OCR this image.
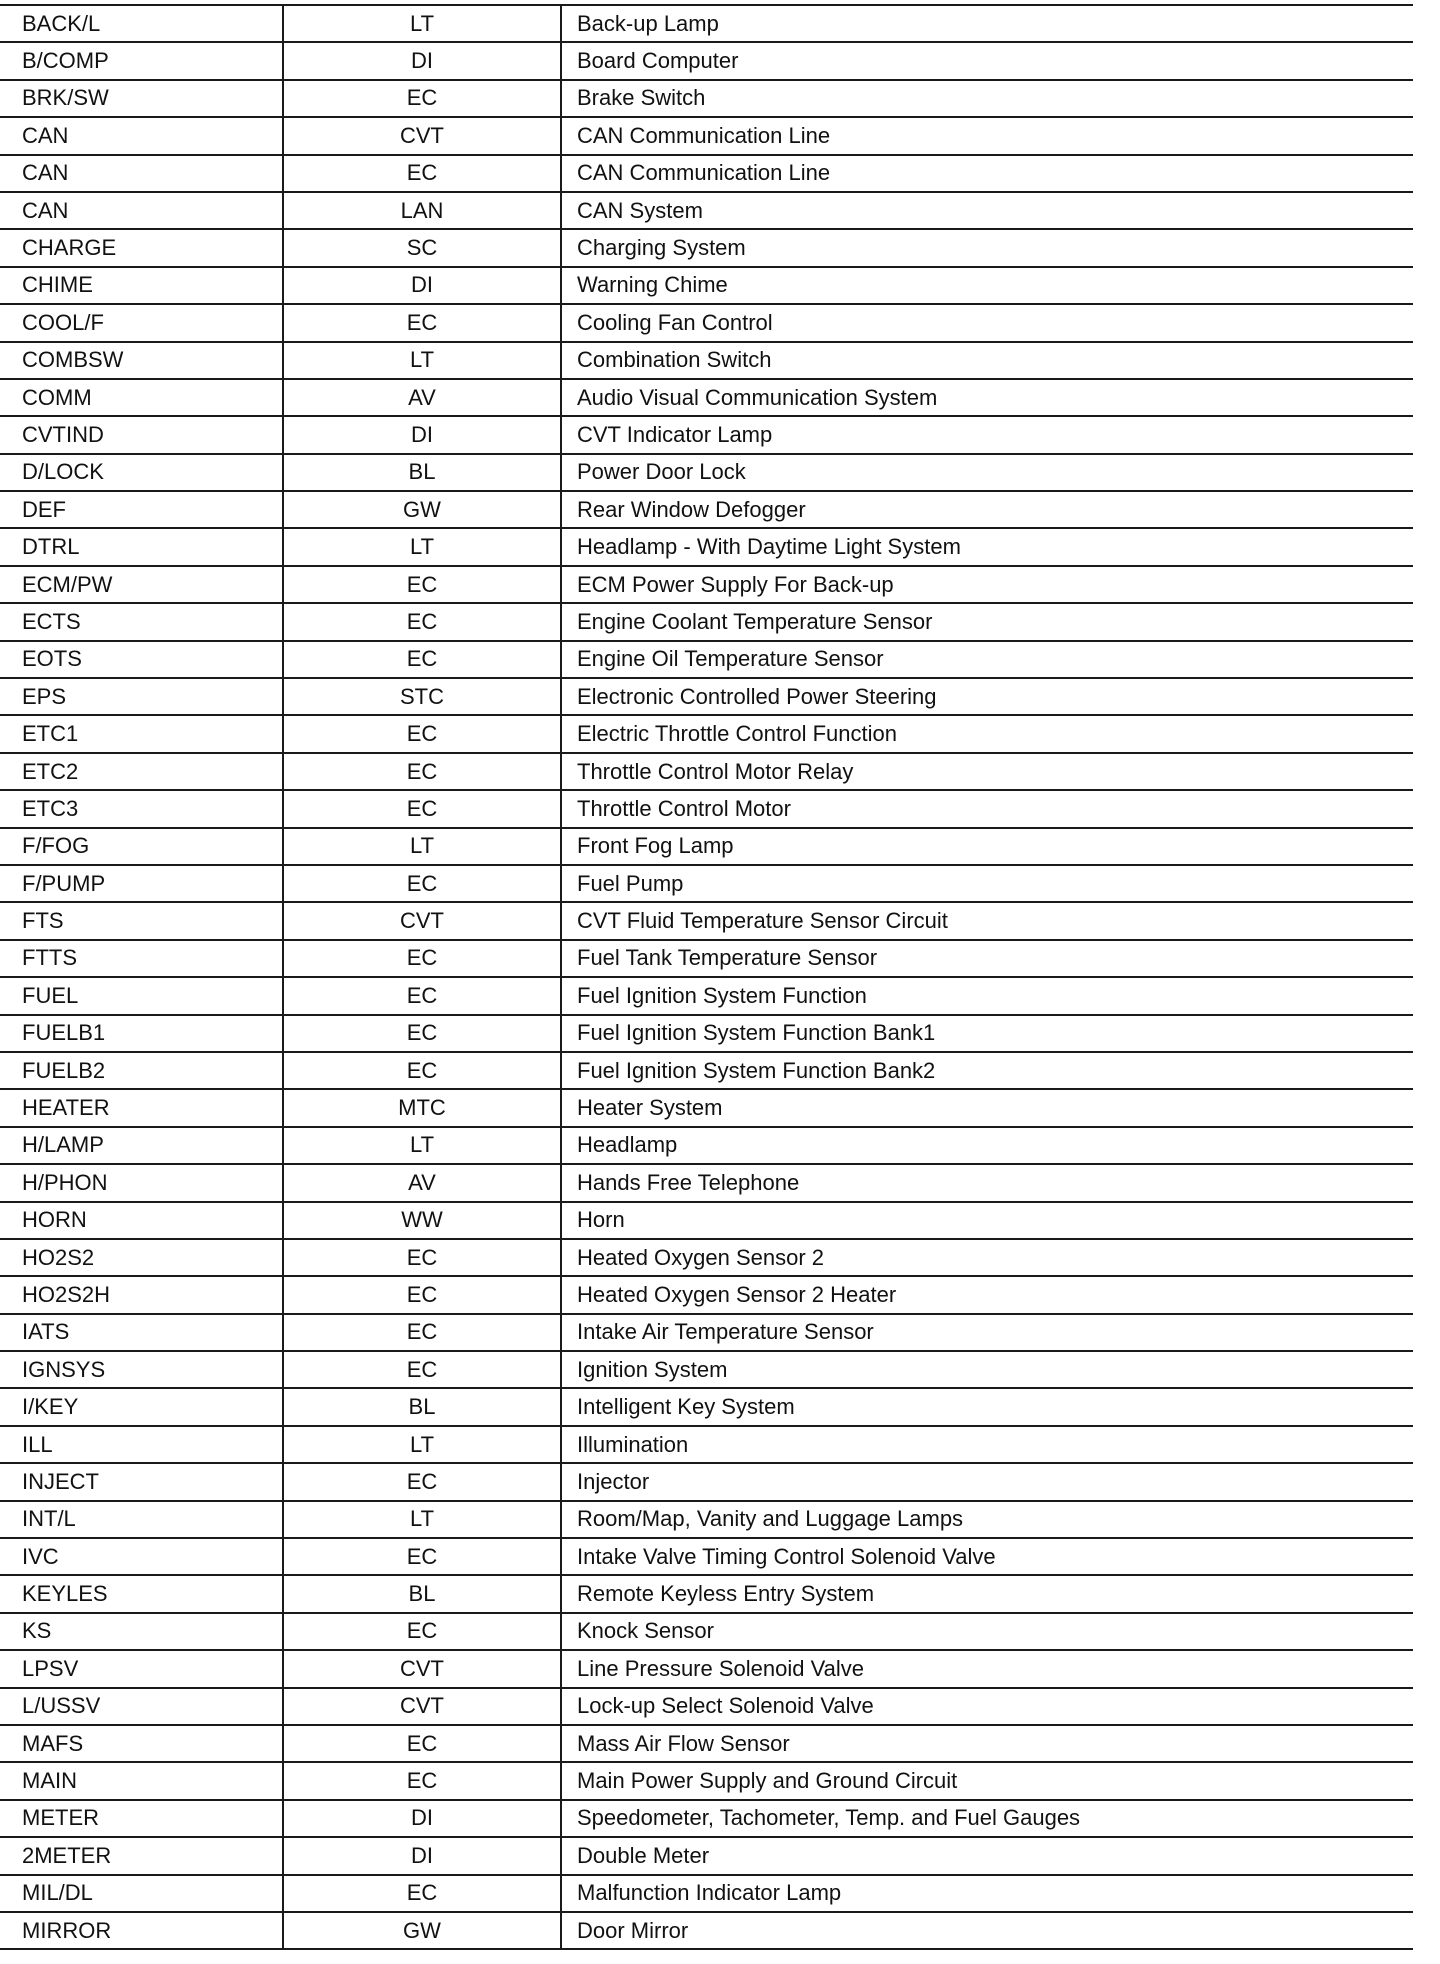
BACK/L	LT	Back-up Lamp
B/COMP	DI	Board Computer
BRK/SW	EC	Brake Switch
CAN	CVT	CAN Communication Line
CAN	EC	CAN Communication Line
CAN	LAN	CAN System
CHARGE	SC	Charging System
CHIME	DI	Warning Chime
COOL/F	EC	Cooling Fan Control
COMBSW	LT	Combination Switch
COMM	AV	Audio Visual Communication System
CVTIND	DI	CVT Indicator Lamp
D/LOCK	BL	Power Door Lock
DEF	GW	Rear Window Defogger
DTRL	LT	Headlamp - With Daytime Light System
ECM/PW	EC	ECM Power Supply For Back-up
ECTS	EC	Engine Coolant Temperature Sensor
EOTS	EC	Engine Oil Temperature Sensor
EPS	STC	Electronic Controlled Power Steering
ETC1	EC	Electric Throttle Control Function
ETC2	EC	Throttle Control Motor Relay
ETC3	EC	Throttle Control Motor
F/FOG	LT	Front Fog Lamp
F/PUMP	EC	Fuel Pump
FTS	CVT	CVT Fluid Temperature Sensor Circuit
FTTS	EC	Fuel Tank Temperature Sensor
FUEL	EC	Fuel Ignition System Function
FUELB1	EC	Fuel Ignition System Function Bank1
FUELB2	EC	Fuel Ignition System Function Bank2
HEATER	MTC	Heater System
H/LAMP	LT	Headlamp
H/PHON	AV	Hands Free Telephone
HORN	WW	Horn
HO2S2	EC	Heated Oxygen Sensor 2
HO2S2H	EC	Heated Oxygen Sensor 2 Heater
IATS	EC	Intake Air Temperature Sensor
IGNSYS	EC	Ignition System
I/KEY	BL	Intelligent Key System
ILL	LT	Illumination
INJECT	EC	Injector
INT/L	LT	Room/Map, Vanity and Luggage Lamps
IVC	EC	Intake Valve Timing Control Solenoid Valve
KEYLES	BL	Remote Keyless Entry System
KS	EC	Knock Sensor
LPSV	CVT	Line Pressure Solenoid Valve
L/USSV	CVT	Lock-up Select Solenoid Valve
MAFS	EC	Mass Air Flow Sensor
MAIN	EC	Main Power Supply and Ground Circuit
METER	DI	Speedometer, Tachometer, Temp. and Fuel Gauges
2METER	DI	Double Meter
MIL/DL	EC	Malfunction Indicator Lamp
MIRROR	GW	Door Mirror
